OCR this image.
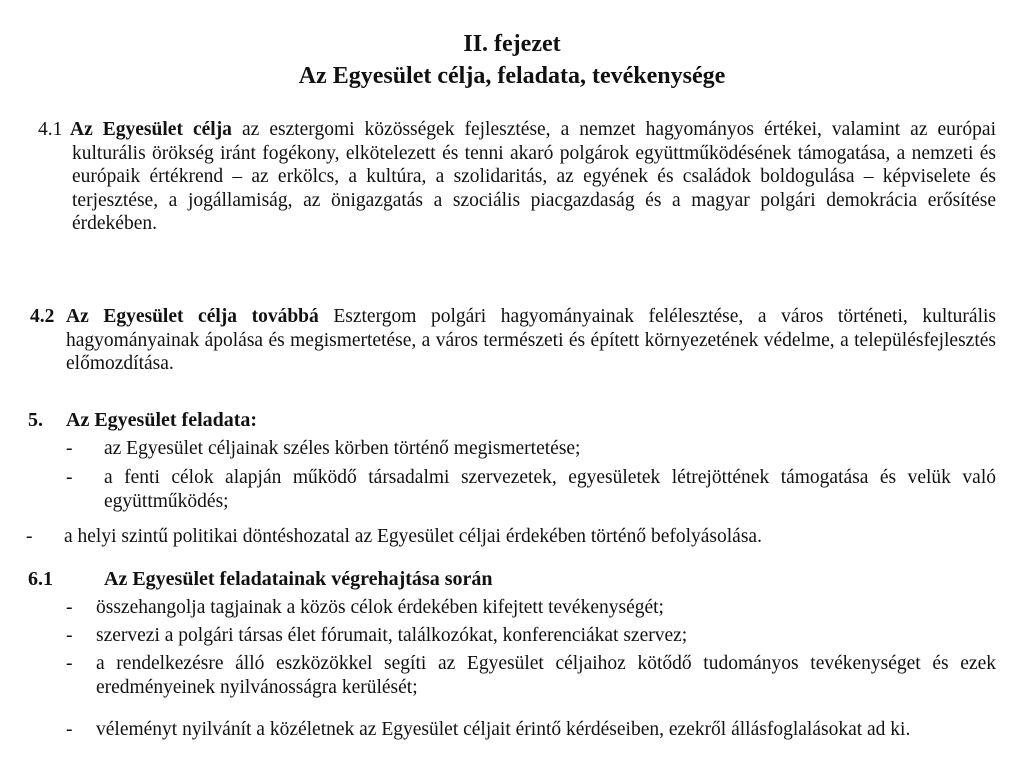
II. fejezet
Az Egyesület célja, feladata, tevékenysége
4.1 Az Egyesület célja az esztergomi közösségek fejlesztése, a nemzet hagyományos értékei, valamint az európai kulturális örökség iránt fogékony, elkötelezett és tenni akaró polgárok együttműködésének támogatása, a nemzeti és európaik értékrend – az erkölcs, a kultúra, a szolidaritás, az egyének és családok boldogulása – képviselete és terjesztése, a jogállamiság, az önigazgatás a szociális piacgazdaság és a magyar polgári demokrácia erősítése érdekében.
4.2 Az Egyesület célja továbbá Esztergom polgári hagyományainak felélesztése, a város történeti, kulturális hagyományainak ápolása és megismertetése, a város természeti és épített környezetének védelme, a településfejlesztés előmozdítása.
5. Az Egyesület feladata:
- az Egyesület céljainak széles körben történő megismertetése;
- a fenti célok alapján működő társadalmi szervezetek, egyesületek létrejöttének támogatása és velük való együttműködés;
- a helyi szintű politikai döntéshozatal az Egyesület céljai érdekében történő befolyásolása.
6.1	Az Egyesület feladatainak végrehajtása során
- összehangolja tagjainak a közös célok érdekében kifejtett tevékenységét;
- szervezi a polgári társas élet fórumait, találkozókat, konferenciákat szervez;
- a rendelkezésre álló eszközökkel segíti az Egyesület céljaihoz kötődő tudományos tevékenységet és ezek eredményeinek nyilvánosságra kerülését;
- véleményt nyilvánít a közéletnek az Egyesület céljait érintő kérdéseiben, ezekről állásfoglalásokat ad ki.
